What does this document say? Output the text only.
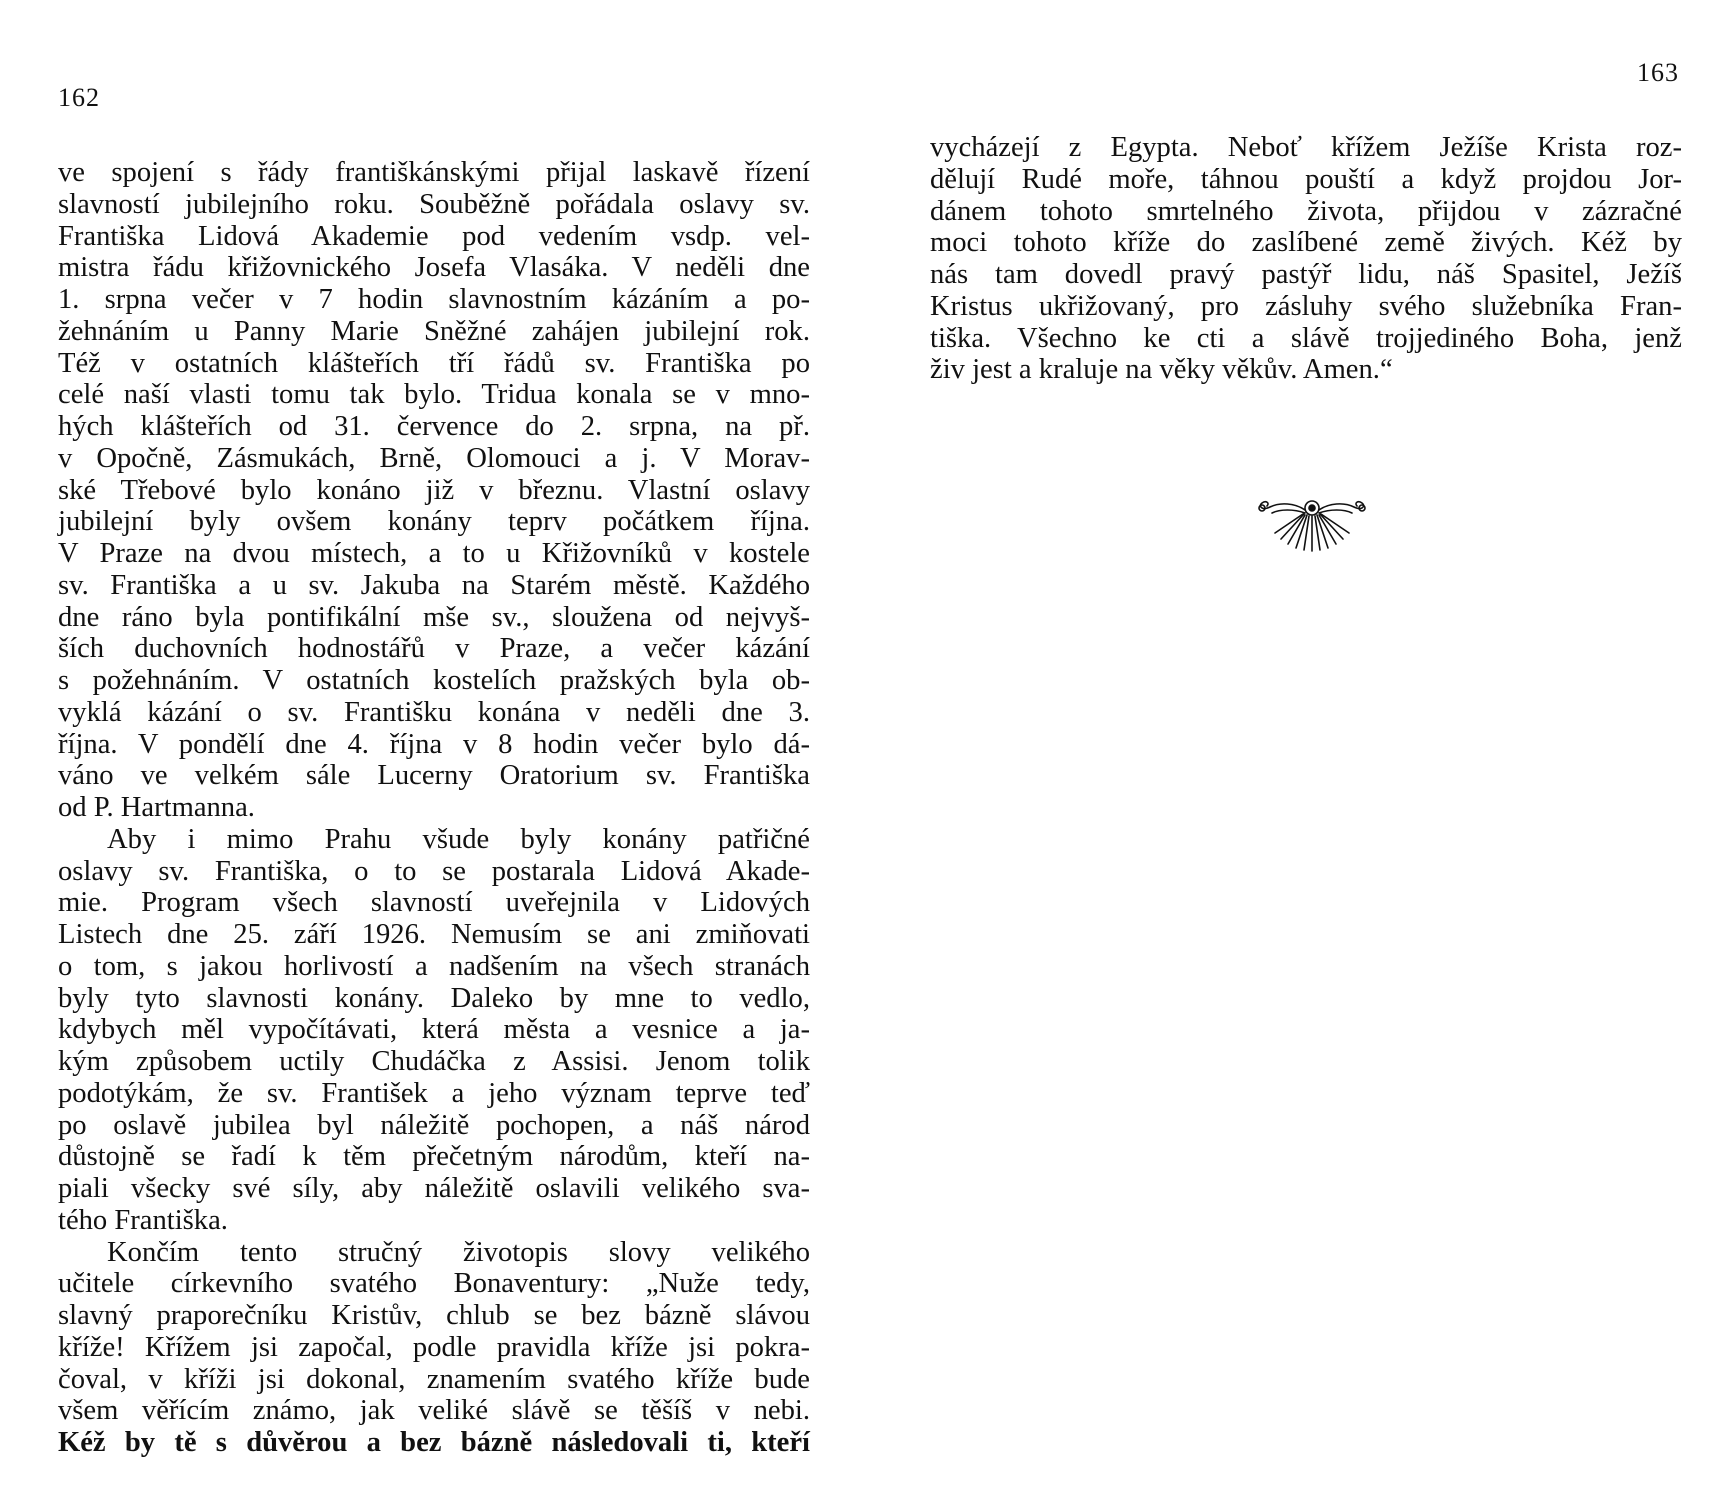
162
ve spojení s řády františkánskými přijal laskavě řízení
slavností jubilejního roku. Souběžně pořádala oslavy sv.
Františka Lidová Akademie pod vedením vsdp. vel-
mistra řádu křižovnického Josefa Vlasáka. V neděli dne
1. srpna večer v 7 hodin slavnostním kázáním a po-
žehnáním u Panny Marie Sněžné zahájen jubilejní rok.
Též v ostatních klášteřích tří řádů sv. Františka po
celé naší vlasti tomu tak bylo. Tridua konala se v mno-
hých klášteřích od 31. července do 2. srpna, na př.
v Opočně, Zásmukách, Brně, Olomouci a j. V Morav-
ské Třebové bylo konáno již v březnu. Vlastní oslavy
jubilejní byly ovšem konány teprv počátkem října.
V Praze na dvou místech, a to u Křižovníků v kostele
sv. Františka a u sv. Jakuba na Starém městě. Každého
dne ráno byla pontifikální mše sv., sloužena od nejvyš-
ších duchovních hodnostářů v Praze, a večer kázání
s požehnáním. V ostatních kostelích pražských byla ob-
vyklá kázání o sv. Františku konána v neděli dne 3.
října. V pondělí dne 4. října v 8 hodin večer bylo dá-
váno ve velkém sále Lucerny Oratorium sv. Františka
od P. Hartmanna.
Aby i mimo Prahu všude byly konány patřičné
oslavy sv. Františka, o to se postarala Lidová Akade-
mie. Program všech slavností uveřejnila v Lidových
Listech dne 25. září 1926. Nemusím se ani zmiňovati
o tom, s jakou horlivostí a nadšením na všech stranách
byly tyto slavnosti konány. Daleko by mne to vedlo,
kdybych měl vypočítávati, která města a vesnice a ja-
kým způsobem uctily Chudáčka z Assisi. Jenom tolik
podotýkám, že sv. František a jeho význam teprve teď
po oslavě jubilea byl náležitě pochopen, a náš národ
důstojně se řadí k těm přečetným národům, kteří na-
piali všecky své síly, aby náležitě oslavili velikého sva-
tého Františka.
Končím tento stručný životopis slovy velikého
učitele církevního svatého Bonaventury: „Nuže tedy,
slavný praporečníku Kristův, chlub se bez bázně slávou
kříže! Křížem jsi započal, podle pravidla kříže jsi pokra-
čoval, v kříži jsi dokonal, znamením svatého kříže bude
všem věřícím známo, jak veliké slávě se těšíš v nebi.
Kéž by tě s důvěrou a bez bázně následovali ti, kteří
163
vycházejí z Egypta. Neboť křížem Ježíše Krista roz-
dělují Rudé moře, táhnou pouští a když projdou Jor-
dánem tohoto smrtelného života, přijdou v zázračné
moci tohoto kříže do zaslíbené země živých. Kéž by
nás tam dovedl pravý pastýř lidu, náš Spasitel, Ježíš
Kristus ukřižovaný, pro zásluhy svého služebníka Fran-
tiška. Všechno ke cti a slávě trojjediného Boha, jenž
živ jest a kraluje na věky věkův. Amen.“
